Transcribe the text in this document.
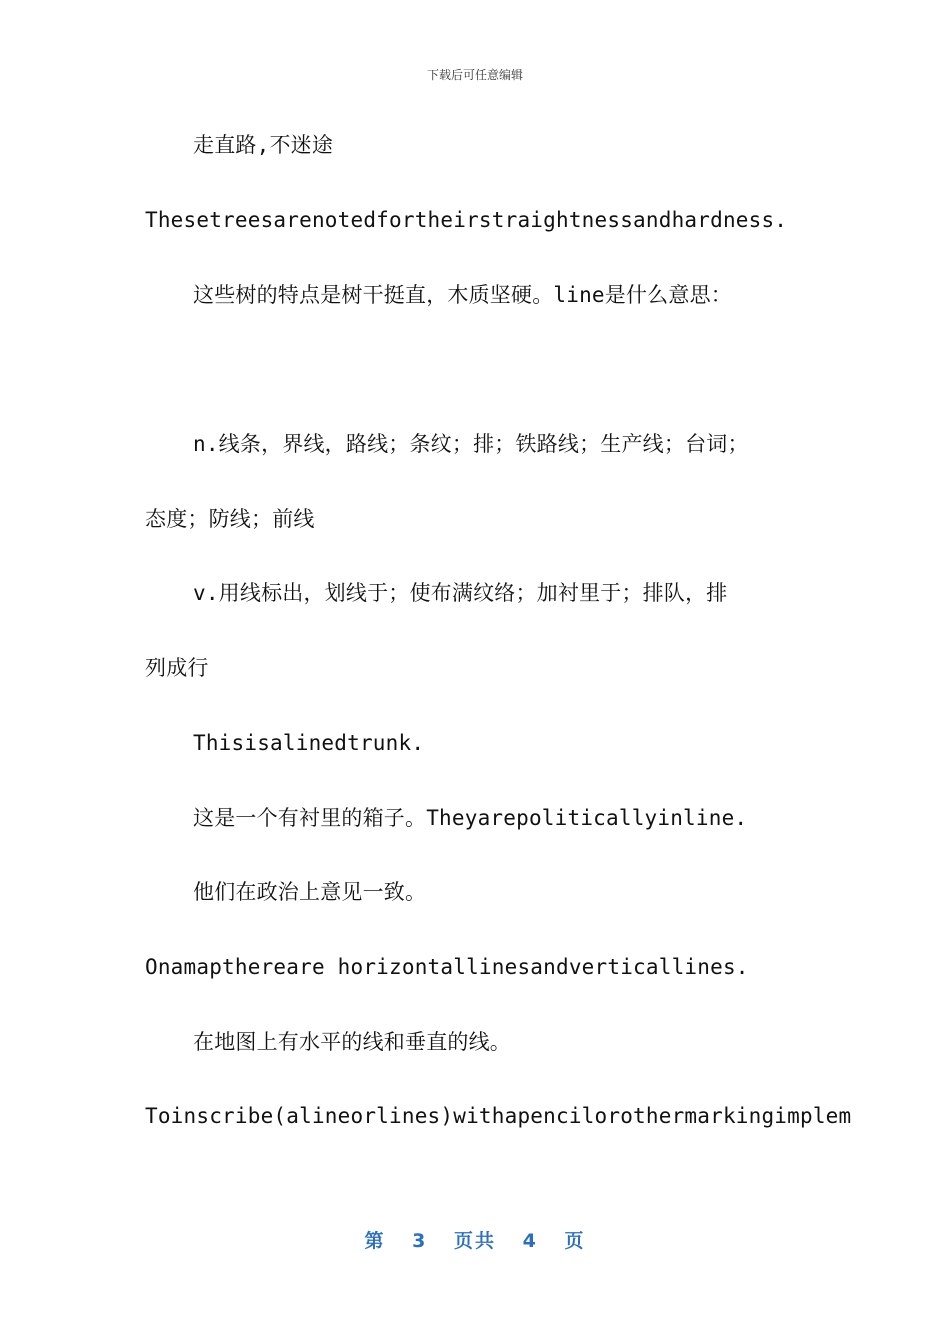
下载后可任意编辑
走直路,不迷途
Thesetreesarenotedfortheirstraightnessandhardness.
这些树的特点是树干挺直，木质坚硬。line是什么意思：
n.线条，界线，路线；条纹；排；铁路线；生产线；台词；
态度；防线；前线
v.用线标出，划线于；使布满纹络；加衬里于；排队，排
列成行
Thisisalinedtrunk.
这是一个有衬里的箱子。Theyarepoliticallyinline.
他们在政治上意见一致。
Onamapthereare horizontallinesandverticallines.
在地图上有水平的线和垂直的线。
Toinscribe(alineorlines)withapencilorothermarkingimplem
第 3 页共 4 页
